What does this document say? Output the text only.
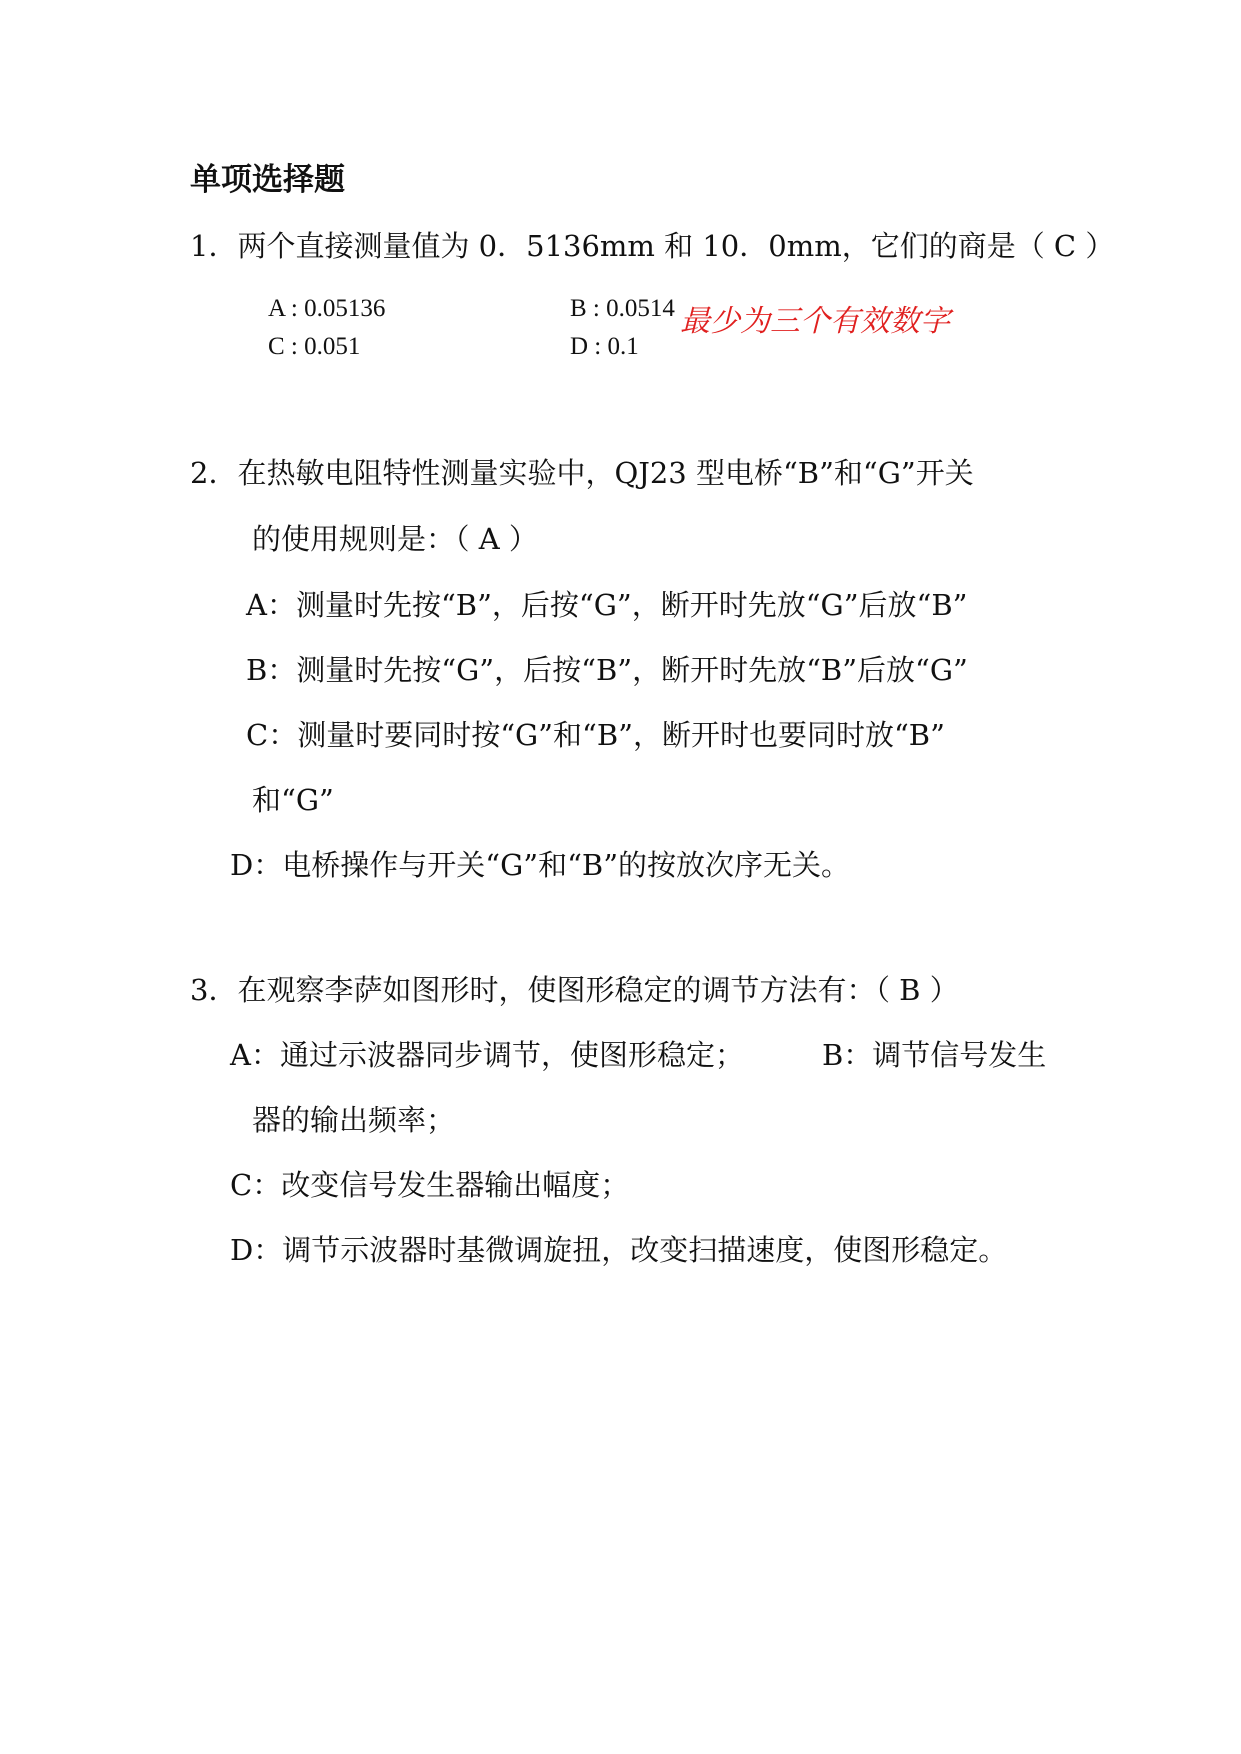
单项选择题
1．两个直接测量值为 0．5136mm 和 10．0mm，它们的商是（ C ）
A : 0.05136	B : 0.0514
C : 0.051	D : 0.1
最少为三个有效数字
2．在热敏电阻特性测量实验中，QJ23 型电桥“B”和“G”开关
的使用规则是：（ A ）
A：测量时先按“B”，后按“G”，断开时先放“G”后放“B”
B：测量时先按“G”，后按“B”，断开时先放“B”后放“G”
C：测量时要同时按“G”和“B”，断开时也要同时放“B”
和“G”
D：电桥操作与开关“G”和“B”的按放次序无关。
3．在观察李萨如图形时，使图形稳定的调节方法有：（ B ）
A：通过示波器同步调节，使图形稳定；	B：调节信号发生
器的输出频率；
C：改变信号发生器输出幅度；
D：调节示波器时基微调旋扭，改变扫描速度，使图形稳定。
